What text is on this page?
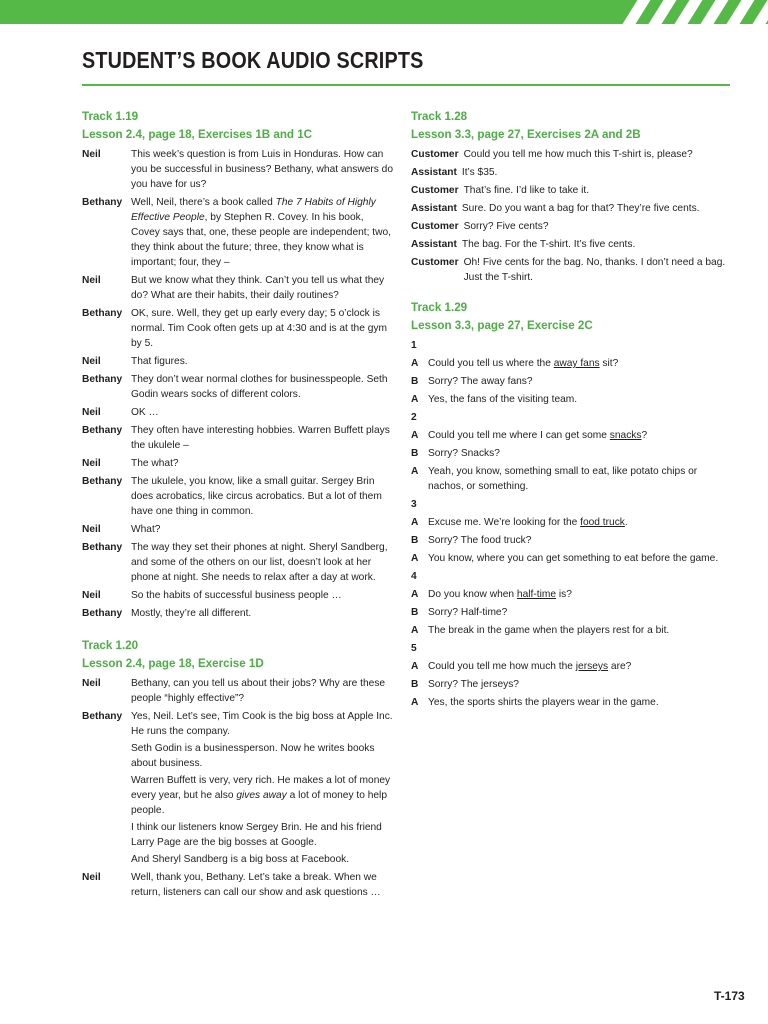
STUDENT’S BOOK AUDIO SCRIPTS
Track 1.19
Lesson 2.4, page 18, Exercises 1B and 1C
Neil	This week’s question is from Luis in Honduras. How can you be successful in business? Bethany, what answers do you have for us?
Bethany Well, Neil, there’s a book called The 7 Habits of Highly Effective People, by Stephen R. Covey. In his book, Covey says that, one, these people are independent; two, they think about the future; three, they know what is important; four, they –
Neil	But we know what they think. Can’t you tell us what they do? What are their habits, their daily routines?
Bethany OK, sure. Well, they get up early every day; 5 o’clock is normal. Tim Cook often gets up at 4:30 and is at the gym by 5.
Neil	That figures.
Bethany They don’t wear normal clothes for businesspeople. Seth Godin wears socks of different colors.
Neil	OK …
Bethany They often have interesting hobbies. Warren Buffett plays the ukulele –
Neil	The what?
Bethany The ukulele, you know, like a small guitar. Sergey Brin does acrobatics, like circus acrobatics. But a lot of them have one thing in common.
Neil	What?
Bethany The way they set their phones at night. Sheryl Sandberg, and some of the others on our list, doesn’t look at her phone at night. She needs to relax after a day at work.
Neil	So the habits of successful business people …
Bethany Mostly, they’re all different.
Track 1.20
Lesson 2.4, page 18, Exercise 1D
Neil	Bethany, can you tell us about their jobs? Why are these people “highly effective”?
Bethany Yes, Neil. Let’s see, Tim Cook is the big boss at Apple Inc. He runs the company.
Seth Godin is a businessperson. Now he writes books about business.
Warren Buffett is very, very rich. He makes a lot of money every year, but he also gives away a lot of money to help people.
I think our listeners know Sergey Brin. He and his friend Larry Page are the big bosses at Google.
And Sheryl Sandberg is a big boss at Facebook.
Neil	Well, thank you, Bethany. Let’s take a break. When we return, listeners can call our show and ask questions …
Track 1.28
Lesson 3.3, page 27, Exercises 2A and 2B
Customer Could you tell me how much this T-shirt is, please?
Assistant It’s $35.
Customer That’s fine. I’d like to take it.
Assistant Sure. Do you want a bag for that? They’re five cents.
Customer Sorry? Five cents?
Assistant The bag. For the T-shirt. It’s five cents.
Customer Oh! Five cents for the bag. No, thanks. I don’t need a bag. Just the T-shirt.
Track 1.29
Lesson 3.3, page 27, Exercise 2C
1
A Could you tell us where the away fans sit?
B Sorry? The away fans?
A Yes, the fans of the visiting team.
2
A Could you tell me where I can get some snacks?
B Sorry? Snacks?
A Yeah, you know, something small to eat, like potato chips or nachos, or something.
3
A Excuse me. We’re looking for the food truck.
B Sorry? The food truck?
A You know, where you can get something to eat before the game.
4
A Do you know when half-time is?
B Sorry? Half-time?
A The break in the game when the players rest for a bit.
5
A Could you tell me how much the jerseys are?
B Sorry? The jerseys?
A Yes, the sports shirts the players wear in the game.
T-173
